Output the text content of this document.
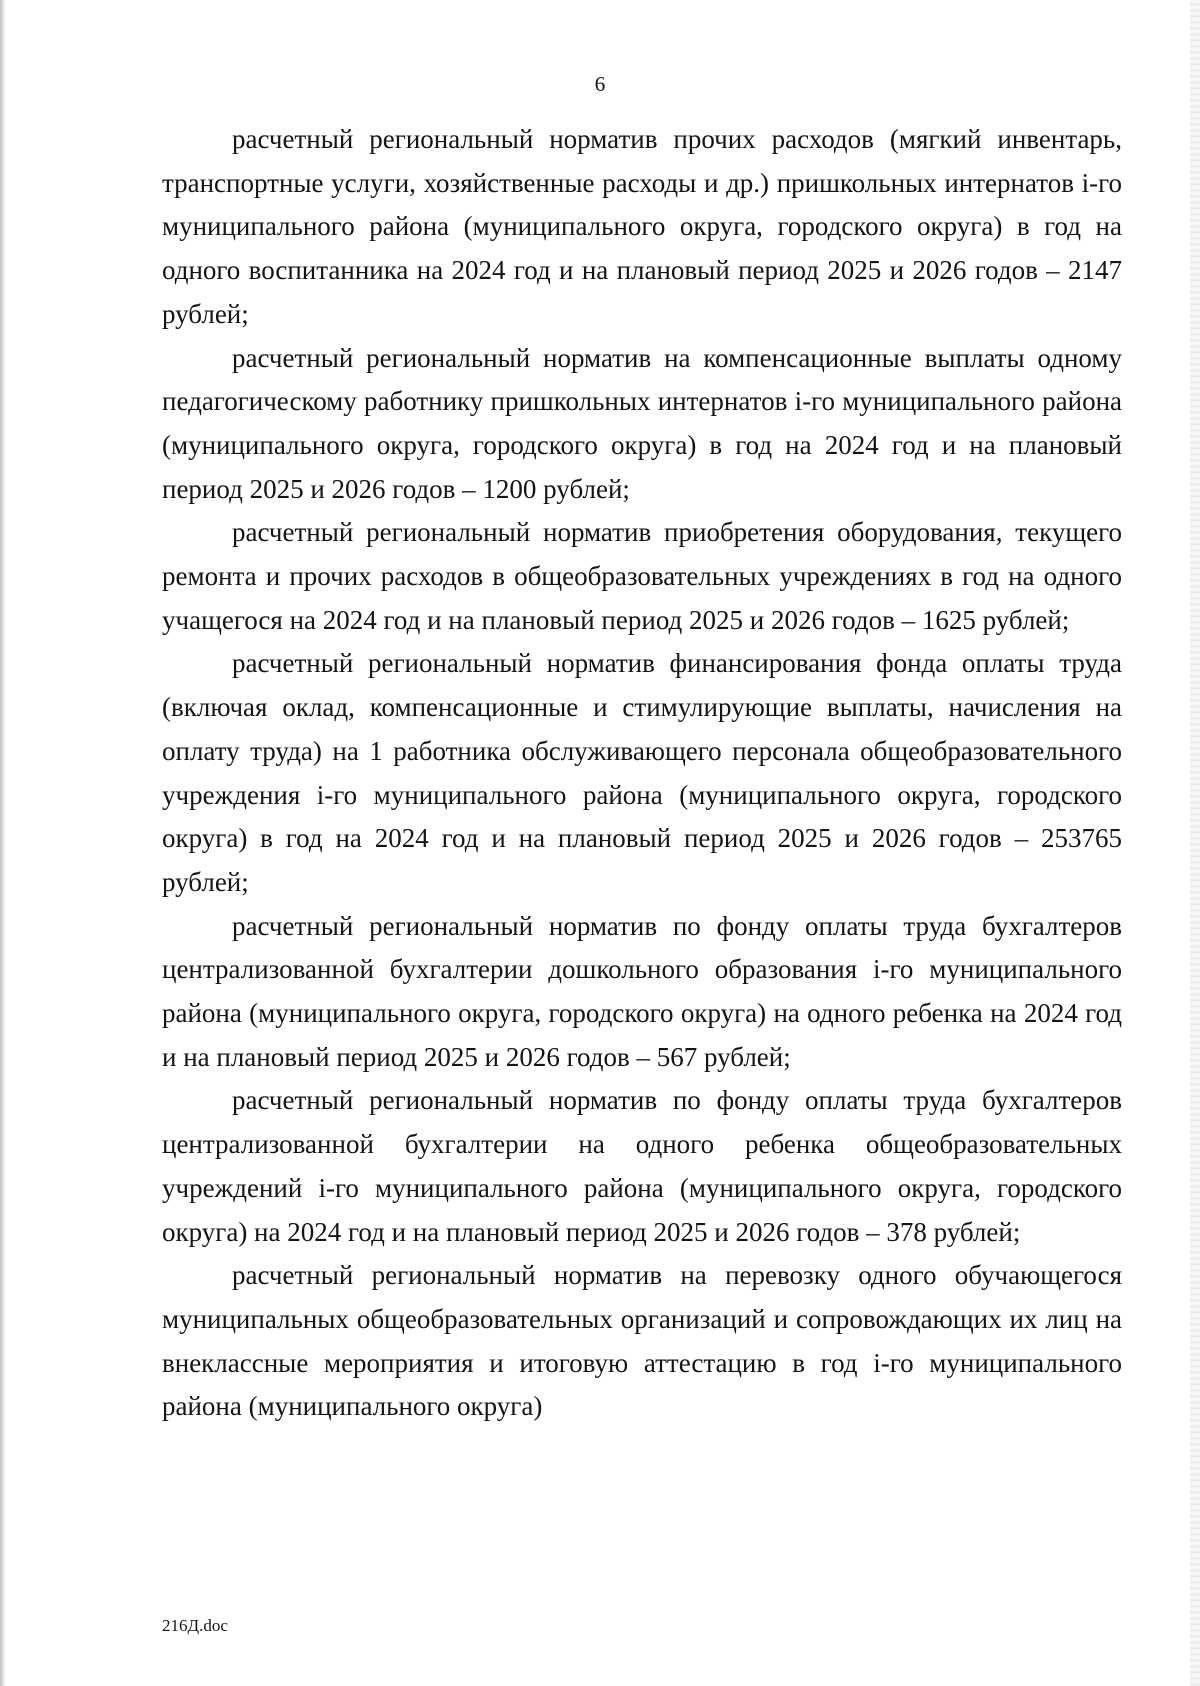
6

расчетный региональный норматив прочих расходов (мягкий инвентарь, транспортные услуги, хозяйственные расходы и др.) пришкольных интернатов i-го муниципального района (муниципального округа, городского округа) в год на одного воспитанника на 2024 год и на плановый период 2025 и 2026 годов – 2147 рублей;

расчетный региональный норматив на компенсационные выплаты одному педагогическому работнику пришкольных интернатов i-го муниципального района (муниципального округа, городского округа) в год на 2024 год и на плановый период 2025 и 2026 годов – 1200 рублей;

расчетный региональный норматив приобретения оборудования, текущего ремонта и прочих расходов в общеобразовательных учреждениях в год на одного учащегося на 2024 год и на плановый период 2025 и 2026 годов – 1625 рублей;

расчетный региональный норматив финансирования фонда оплаты труда (включая оклад, компенсационные и стимулирующие выплаты, начисления на оплату труда) на 1 работника обслуживающего персонала общеобразовательного учреждения i-го муниципального района (муниципального округа, городского округа) в год на 2024 год и на плановый период 2025 и 2026 годов – 253765 рублей;

расчетный региональный норматив по фонду оплаты труда бухгалтеров централизованной бухгалтерии дошкольного образования i-го муниципального района (муниципального округа, городского округа) на одного ребенка на 2024 год и на плановый период 2025 и 2026 годов – 567 рублей;

расчетный региональный норматив по фонду оплаты труда бухгалтеров централизованной бухгалтерии на одного ребенка общеобразовательных учреждений i-го муниципального района (муниципального округа, городского округа) на 2024 год и на плановый период 2025 и 2026 годов – 378 рублей;

расчетный региональный норматив на перевозку одного обучающегося муниципальных общеобразовательных организаций и сопровождающих их лиц на внеклассные мероприятия и итоговую аттестацию в год i-го муниципального района (муниципального округа)

216Д.doc
